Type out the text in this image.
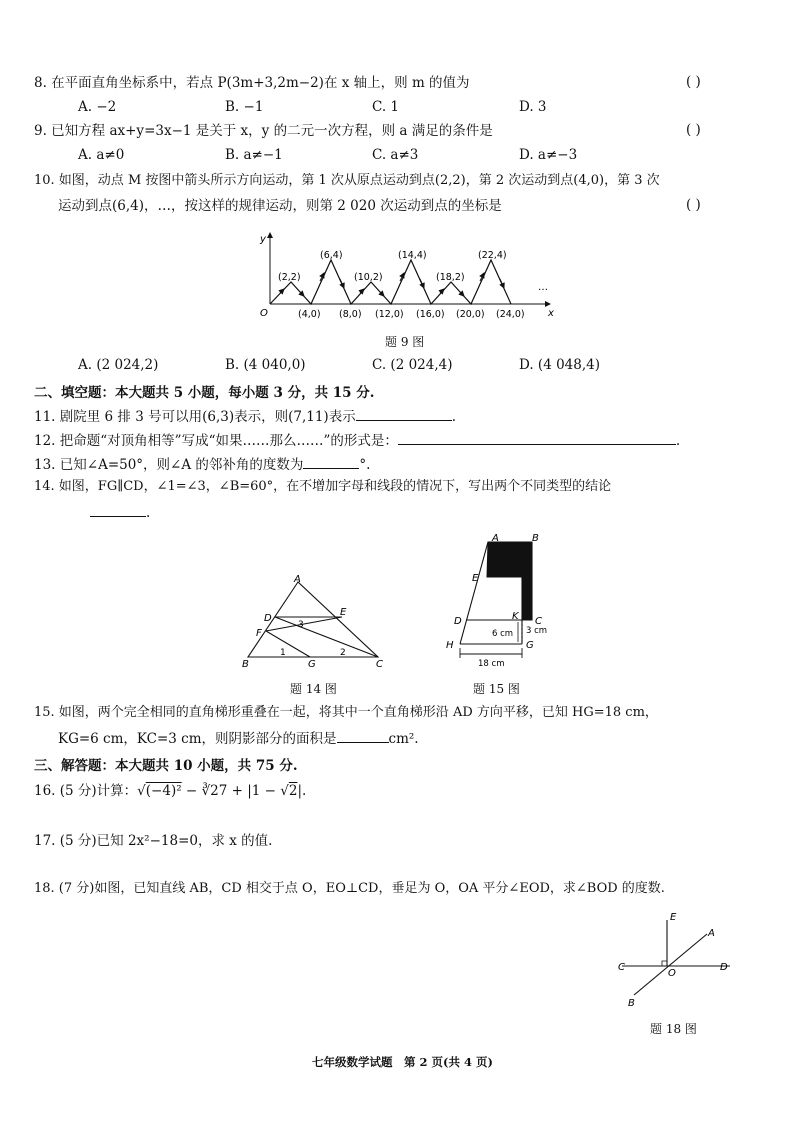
8. 在平面直角坐标系中，若点 P(3m+3,2m−2)在 x 轴上，则 m 的值为	( )
A. −2	B. −1	C. 1	D. 3
9. 已知方程 ax+y=3x−1 是关于 x，y 的二元一次方程，则 a 满足的条件是	( )
A. a≠0	B. a≠−1	C. a≠3	D. a≠−3
10. 如图，动点 M 按图中箭头所示方向运动，第 1 次从原点运动到点(2,2)，第 2 次运动到点(4,0)，第 3 次
运动到点(6,4)，…，按这样的规律运动，则第 2 020 次运动到点的坐标是	( )
y
x
O
…
(2,2)
(6,4)
(10,2)
(14,4)
(18,2)
(22,4)
(4,0) (8,0) (12,0) (16,0) (20,0) (24,0)
题 9 图
A. (2 024,2)	B. (4 040,0)	C. (2 024,4)	D. (4 048,4)
二、填空题：本大题共 5 小题，每小题 3 分，共 15 分.
11. 剧院里 6 排 3 号可以用(6,3)表示，则(7,11)表示	.
12. 把命题“对顶角相等”写成“如果……那么……”的形式是：	.
13. 已知∠A=50°，则∠A 的邻补角的度数为	°.
14. 如图，FG∥CD，∠1=∠3，∠B=60°，在不增加字母和线段的情况下，写出两个不同类型的结论
.
A
B	C
D
E
F
G
1	2
3
题 14 图
A	B
C
D
E
K
H	G
6 cm 3 cm
18 cm
题 15 图
15. 如图，两个完全相同的直角梯形重叠在一起，将其中一个直角梯形沿 AD 方向平移，已知 HG=18 cm，
KG=6 cm，KC=3 cm，则阴影部分的面积是	cm².
三、解答题：本大题共 10 小题，共 75 分.
16. (5 分)计算：√(−4)² − ∛27 + |1 − √2|.
17. (5 分)已知 2x²−18=0，求 x 的值.
18. (7 分)如图，已知直线 AB，CD 相交于点 O，EO⊥CD，垂足为 O，OA 平分∠EOD，求∠BOD 的度数.
E
A
C
O
D
B
题 18 图
七年级数学试题　第 2 页(共 4 页)
